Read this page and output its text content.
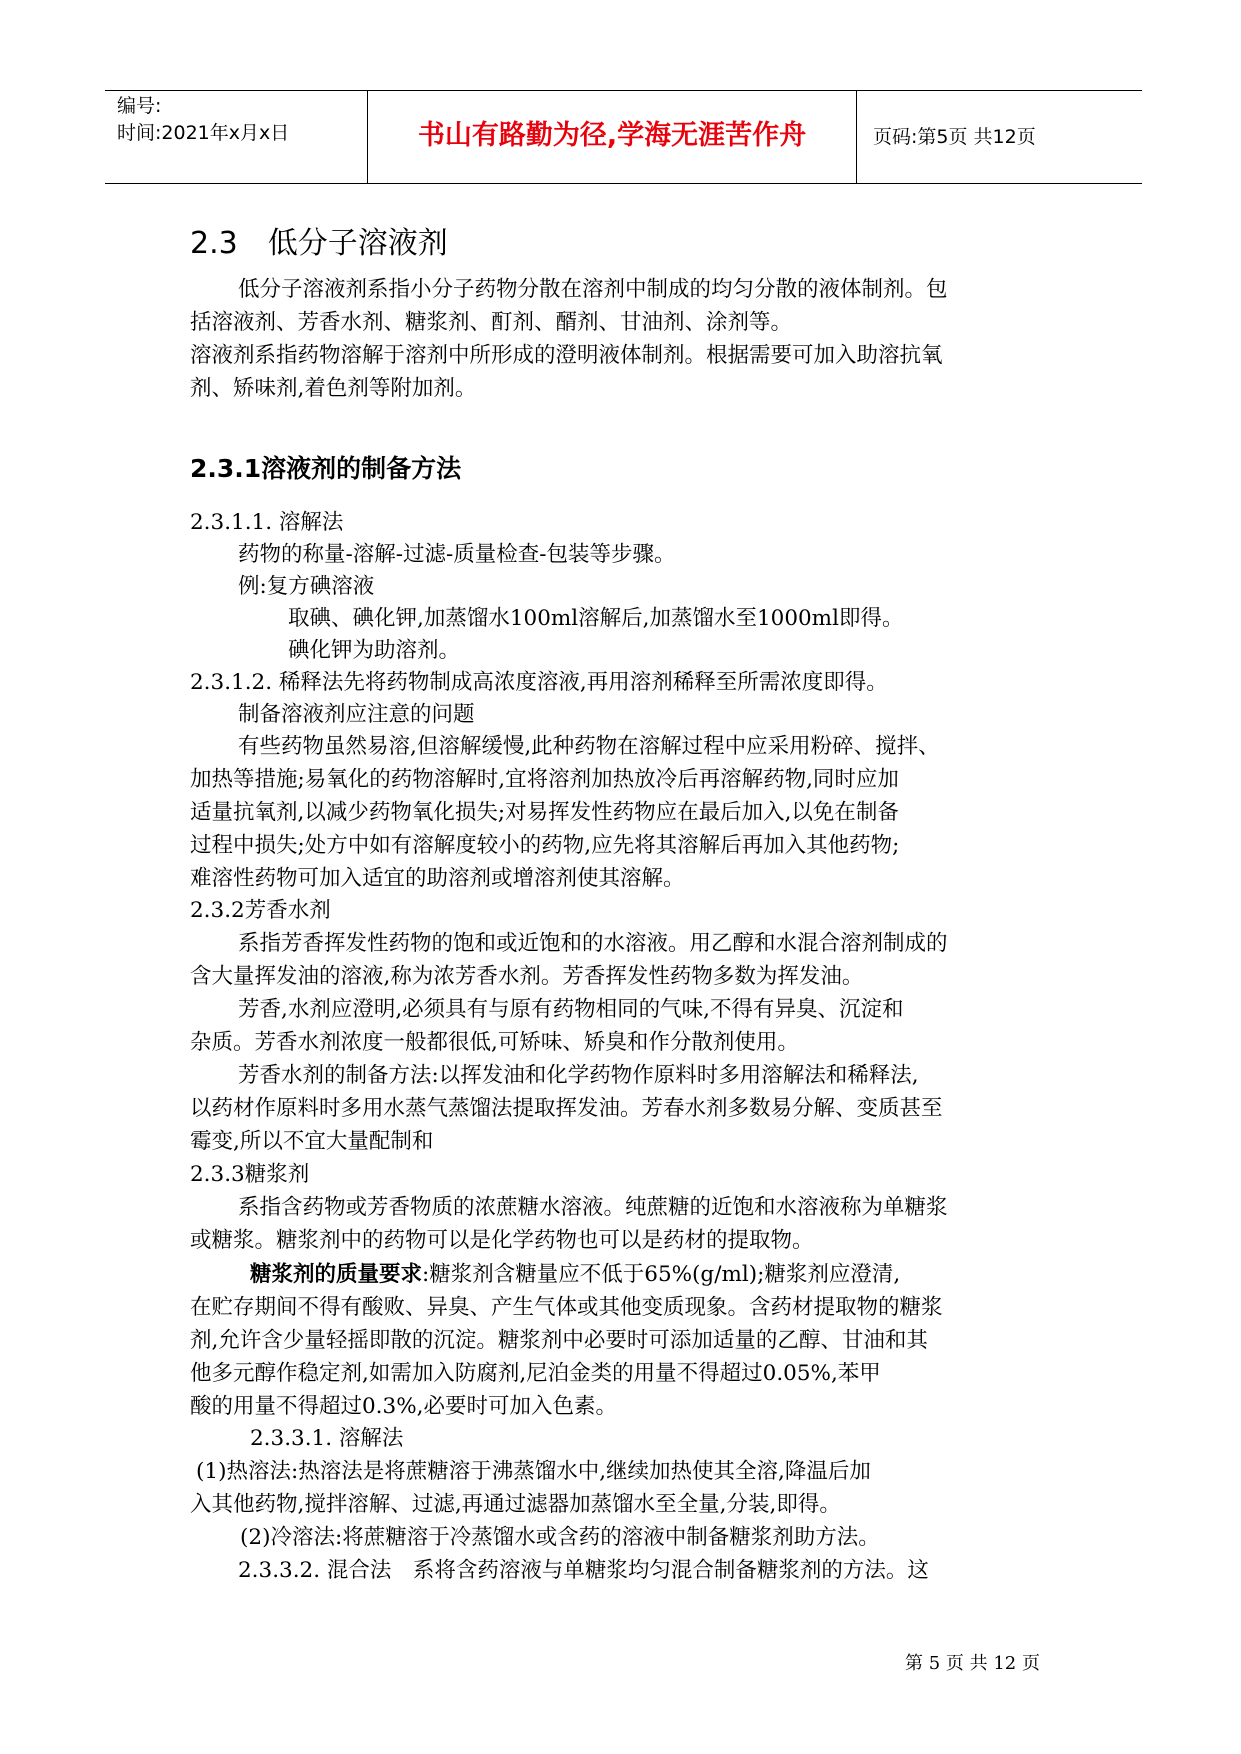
编号:
时间:2021年x月x日	书山有路勤为径,学海无涯苦作舟	页码:第5页 共12页
2.3　低分子溶液剂
低分子溶液剂系指小分子药物分散在溶剂中制成的均匀分散的液体制剂。包
括溶液剂、芳香水剂、糖浆剂、酊剂、醑剂、甘油剂、涂剂等。
溶液剂系指药物溶解于溶剂中所形成的澄明液体制剂。根据需要可加入助溶抗氧
剂、矫味剂,着色剂等附加剂。
2.3.1溶液剂的制备方法
2.3.1.1. 溶解法
药物的称量-溶解-过滤-质量检查-包装等步骤。
例:复方碘溶液
取碘、碘化钾,加蒸馏水100ml溶解后,加蒸馏水至1000ml即得。
碘化钾为助溶剂。
2.3.1.2. 稀释法先将药物制成高浓度溶液,再用溶剂稀释至所需浓度即得。
制备溶液剂应注意的问题
有些药物虽然易溶,但溶解缓慢,此种药物在溶解过程中应采用粉碎、搅拌、
加热等措施;易氧化的药物溶解时,宜将溶剂加热放冷后再溶解药物,同时应加
适量抗氧剂,以减少药物氧化损失;对易挥发性药物应在最后加入,以免在制备
过程中损失;处方中如有溶解度较小的药物,应先将其溶解后再加入其他药物;
难溶性药物可加入适宜的助溶剂或增溶剂使其溶解。
2.3.2芳香水剂
系指芳香挥发性药物的饱和或近饱和的水溶液。用乙醇和水混合溶剂制成的
含大量挥发油的溶液,称为浓芳香水剂。芳香挥发性药物多数为挥发油。
芳香,水剂应澄明,必须具有与原有药物相同的气味,不得有异臭、沉淀和
杂质。芳香水剂浓度一般都很低,可矫味、矫臭和作分散剂使用。
芳香水剂的制备方法:以挥发油和化学药物作原料时多用溶解法和稀释法,
以药材作原料时多用水蒸气蒸馏法提取挥发油。芳春水剂多数易分解、变质甚至
霉变,所以不宜大量配制和
2.3.3糖浆剂
系指含药物或芳香物质的浓蔗糖水溶液。纯蔗糖的近饱和水溶液称为单糖浆
或糖浆。糖浆剂中的药物可以是化学药物也可以是药材的提取物。
糖浆剂的质量要求:糖浆剂含糖量应不低于65%(g/ml);糖浆剂应澄清,
在贮存期间不得有酸败、异臭、产生气体或其他变质现象。含药材提取物的糖浆
剂,允许含少量轻摇即散的沉淀。糖浆剂中必要时可添加适量的乙醇、甘油和其
他多元醇作稳定剂,如需加入防腐剂,尼泊金类的用量不得超过0.05%,苯甲
酸的用量不得超过0.3%,必要时可加入色素。
2.3.3.1. 溶解法
(1)热溶法:热溶法是将蔗糖溶于沸蒸馏水中,继续加热使其全溶,降温后加
入其他药物,搅拌溶解、过滤,再通过滤器加蒸馏水至全量,分装,即得。
(2)冷溶法:将蔗糖溶于冷蒸馏水或含药的溶液中制备糖浆剂助方法。
2.3.3.2. 混合法　系将含药溶液与单糖浆均匀混合制备糖浆剂的方法。这
第 5 页 共 12 页
